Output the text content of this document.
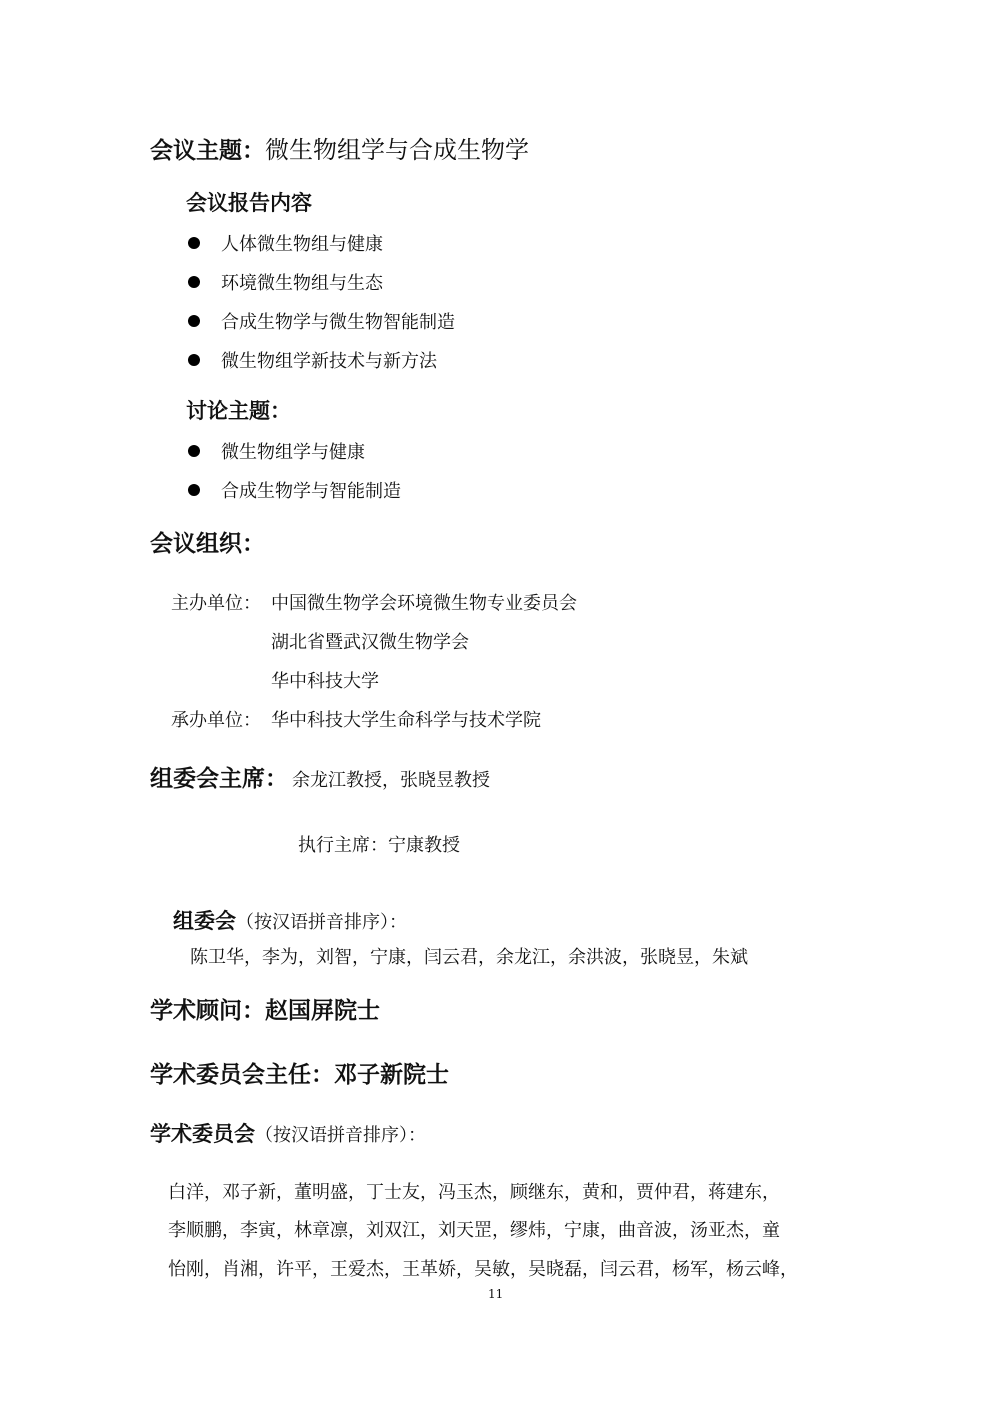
会议主题：微生物组学与合成生物学
会议报告内容
人体微生物组与健康
环境微生物组与生态
合成生物学与微生物智能制造
微生物组学新技术与新方法
讨论主题：
微生物组学与健康
合成生物学与智能制造
会议组织：
主办单位： 中国微生物学会环境微生物专业委员会
湖北省暨武汉微生物学会
华中科技大学
承办单位： 华中科技大学生命科学与技术学院
组委会主席： 余龙江教授，张晓昱教授
执行主席：宁康教授
组委会（按汉语拼音排序）：
陈卫华，李为，刘智，宁康，闫云君，余龙江，余洪波，张晓昱，朱斌
学术顾问：赵国屏院士
学术委员会主任：邓子新院士
学术委员会（按汉语拼音排序）：
白洋，邓子新，董明盛，丁士友，冯玉杰，顾继东，黄和，贾仲君，蒋建东，
李顺鹏，李寅，林章凛，刘双江，刘天罡，缪炜，宁康，曲音波，汤亚杰，童
怡刚，肖湘，许平，王爱杰，王革娇，吴敏，吴晓磊，闫云君，杨军，杨云峰，
11
